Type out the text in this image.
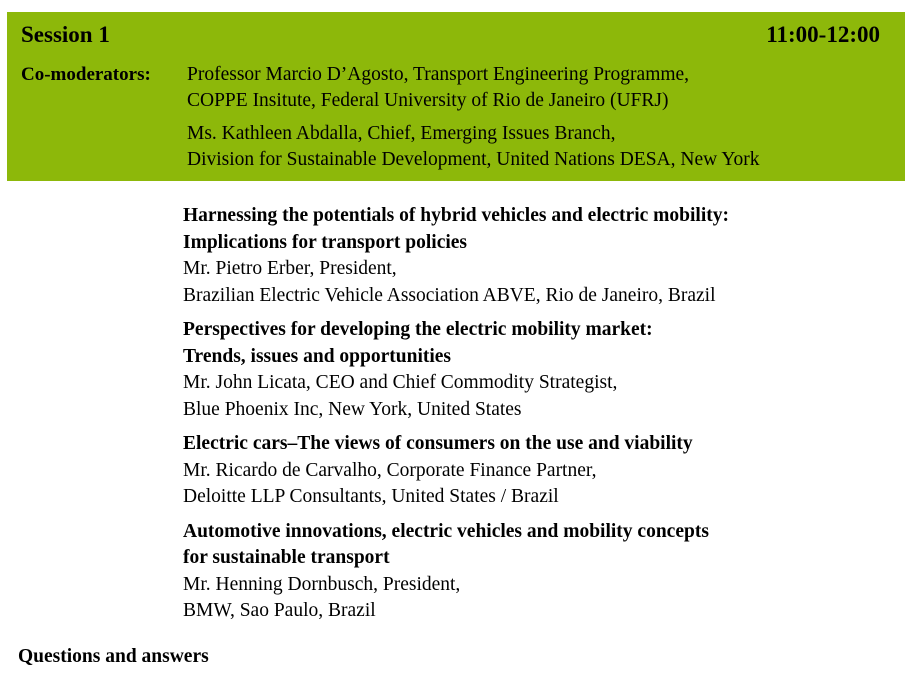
Session 1	11:00-12:00
Co-moderators: Professor Marcio D’Agosto, Transport Engineering Programme,
COPPE Insitute, Federal University of Rio de Janeiro (UFRJ)
Ms. Kathleen Abdalla, Chief, Emerging Issues Branch,
Division for Sustainable Development, United Nations DESA, New York
Harnessing the potentials of hybrid vehicles and electric mobility:
Implications for transport policies
Mr. Pietro Erber, President,
Brazilian Electric Vehicle Association ABVE, Rio de Janeiro, Brazil
Perspectives for developing the electric mobility market:
Trends, issues and opportunities
Mr. John Licata, CEO and Chief Commodity Strategist,
Blue Phoenix Inc, New York, United States
Electric cars–The views of consumers on the use and viability
Mr. Ricardo de Carvalho, Corporate Finance Partner,
Deloitte LLP Consultants, United States / Brazil
Automotive innovations, electric vehicles and mobility concepts
for sustainable transport
Mr. Henning Dornbusch, President,
BMW, Sao Paulo, Brazil
Questions and answers
